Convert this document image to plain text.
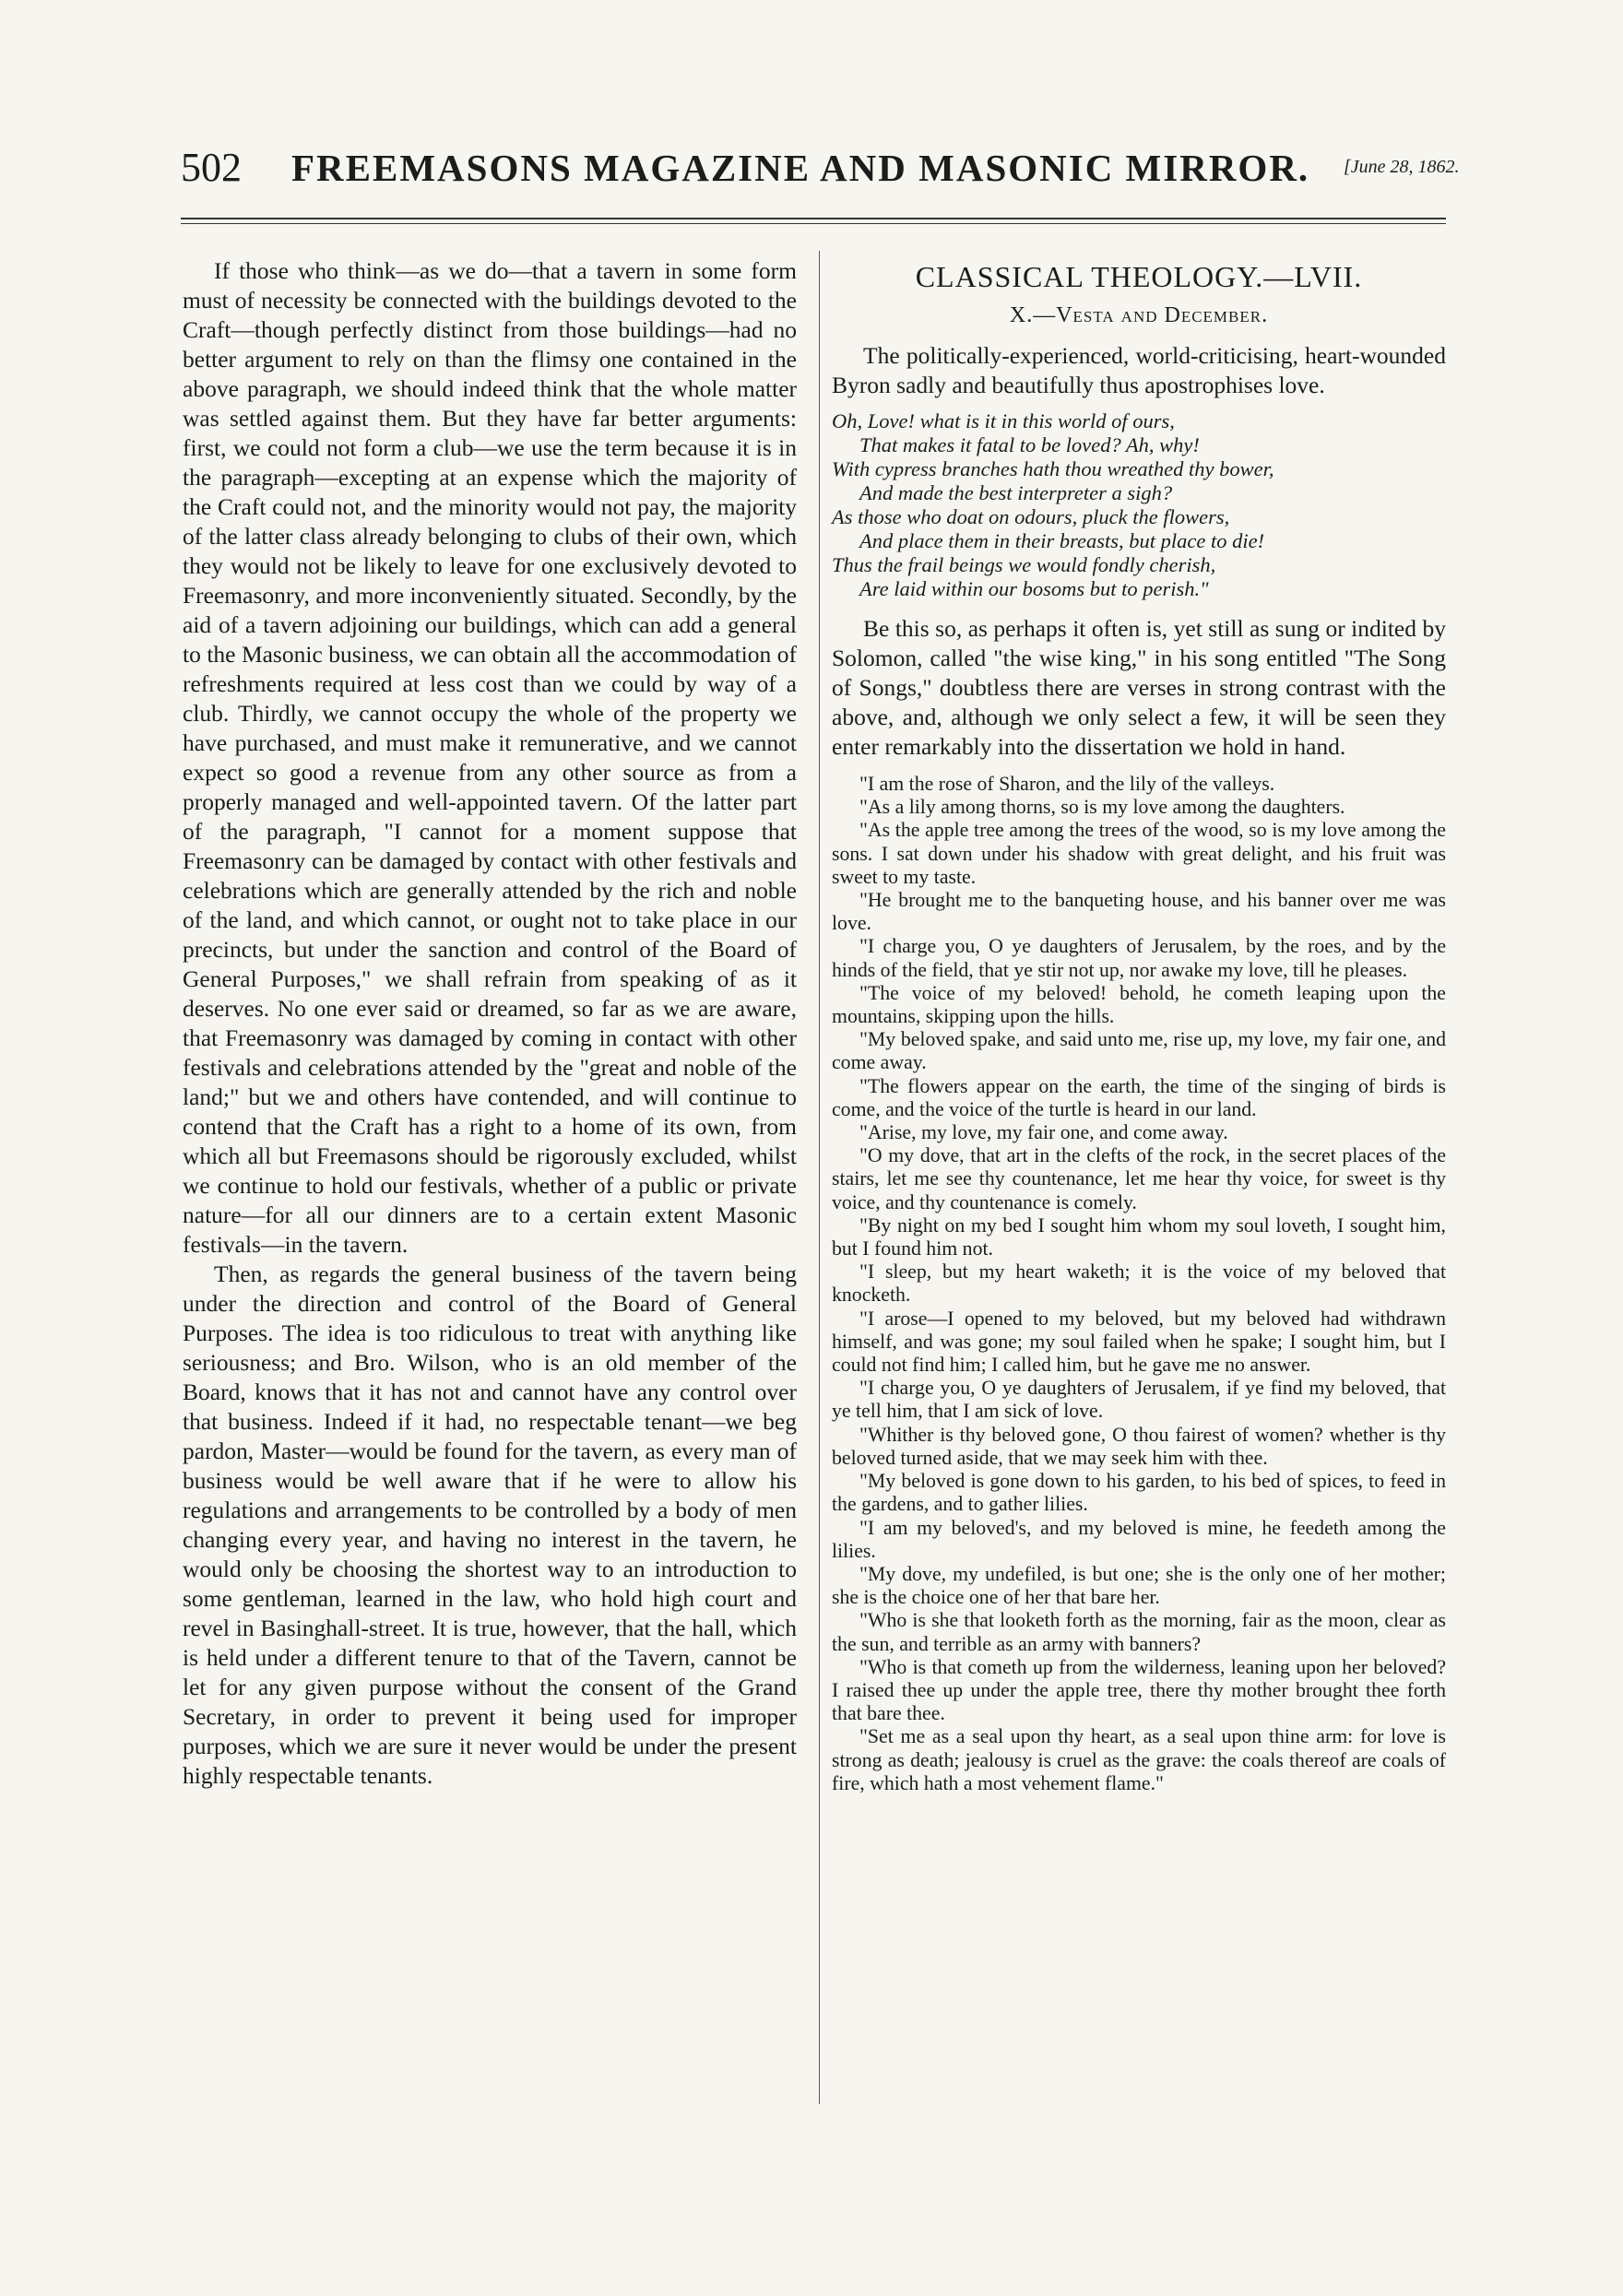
502 FREEMASONS MAGAZINE AND MASONIC MIRROR. [June 28, 1862.

If those who think—as we do—that a tavern in some form must of necessity be connected with the buildings devoted to the Craft—though perfectly distinct from those buildings—had no better argument to rely on than the flimsy one contained in the above paragraph, we should indeed think that the whole matter was settled against them. But they have far better arguments: first, we could not form a club—we use the term because it is in the paragraph—excepting at an expense which the majority of the Craft could not, and the minority would not pay, the majority of the latter class already belonging to clubs of their own, which they would not be likely to leave for one exclusively devoted to Freemasonry, and more inconveniently situated. Secondly, by the aid of a tavern adjoining our buildings, which can add a general to the Masonic business, we can obtain all the accommodation of refreshments required at less cost than we could by way of a club. Thirdly, we cannot occupy the whole of the property we have purchased, and must make it remunerative, and we cannot expect so good a revenue from any other source as from a properly managed and well-appointed tavern. Of the latter part of the paragraph, "I cannot for a moment suppose that Freemasonry can be damaged by contact with other festivals and celebrations which are generally attended by the rich and noble of the land, and which cannot, or ought not to take place in our precincts, but under the sanction and control of the Board of General Purposes," we shall refrain from speaking of as it deserves. No one ever said or dreamed, so far as we are aware, that Freemasonry was damaged by coming in contact with other festivals and celebrations attended by the "great and noble of the land;" but we and others have contended, and will continue to contend that the Craft has a right to a home of its own, from which all but Freemasons should be rigorously excluded, whilst we continue to hold our festivals, whether of a public or private nature—for all our dinners are to a certain extent Masonic festivals—in the tavern.

Then, as regards the general business of the tavern being under the direction and control of the Board of General Purposes. The idea is too ridiculous to treat with anything like seriousness; and Bro. Wilson, who is an old member of the Board, knows that it has not and cannot have any control over that business. Indeed if it had, no respectable tenant—we beg pardon, Master—would be found for the tavern, as every man of business would be well aware that if he were to allow his regulations and arrangements to be controlled by a body of men changing every year, and having no interest in the tavern, he would only be choosing the shortest way to an introduction to some gentleman, learned in the law, who hold high court and revel in Basinghall-street. It is true, however, that the hall, which is held under a different tenure to that of the Tavern, cannot be let for any given purpose without the consent of the Grand Secretary, in order to prevent it being used for improper purposes, which we are sure it never would be under the present highly respectable tenants.

CLASSICAL THEOLOGY.—LVII.
X.—Vesta and December.

The politically-experienced, world-criticising, heart-wounded Byron sadly and beautifully thus apostrophises love.

Oh, Love! what is it in this world of ours,
That makes it fatal to be loved? Ah, why!
With cypress branches hath thou wreathed thy bower,
And made the best interpreter a sigh?
As those who doat on odours, pluck the flowers,
And place them in their breasts, but place to die!
Thus the frail beings we would fondly cherish,
Are laid within our bosoms but to perish."

Be this so, as perhaps it often is, yet still as sung or indited by Solomon, called "the wise king," in his song entitled "The Song of Songs," doubtless there are verses in strong contrast with the above, and, although we only select a few, it will be seen they enter remarkably into the dissertation we hold in hand.

"I am the rose of Sharon, and the lily of the valleys.

"As a lily among thorns, so is my love among the daughters.

"As the apple tree among the trees of the wood, so is my love among the sons. I sat down under his shadow with great delight, and his fruit was sweet to my taste.

"He brought me to the banqueting house, and his banner over me was love.

"I charge you, O ye daughters of Jerusalem, by the roes, and by the hinds of the field, that ye stir not up, nor awake my love, till he pleases.

"The voice of my beloved! behold, he cometh leaping upon the mountains, skipping upon the hills.

"My beloved spake, and said unto me, rise up, my love, my fair one, and come away.

"The flowers appear on the earth, the time of the singing of birds is come, and the voice of the turtle is heard in our land.

"Arise, my love, my fair one, and come away.

"O my dove, that art in the clefts of the rock, in the secret places of the stairs, let me see thy countenance, let me hear thy voice, for sweet is thy voice, and thy countenance is comely.

"By night on my bed I sought him whom my soul loveth, I sought him, but I found him not.

"I sleep, but my heart waketh; it is the voice of my beloved that knocketh.

"I arose—I opened to my beloved, but my beloved had withdrawn himself, and was gone; my soul failed when he spake; I sought him, but I could not find him; I called him, but he gave me no answer.

"I charge you, O ye daughters of Jerusalem, if ye find my beloved, that ye tell him, that I am sick of love.

"Whither is thy beloved gone, O thou fairest of women? whether is thy beloved turned aside, that we may seek him with thee.

"My beloved is gone down to his garden, to his bed of spices, to feed in the gardens, and to gather lilies.

"I am my beloved's, and my beloved is mine, he feedeth among the lilies.

"My dove, my undefiled, is but one; she is the only one of her mother; she is the choice one of her that bare her.

"Who is she that looketh forth as the morning, fair as the moon, clear as the sun, and terrible as an army with banners?

"Who is that cometh up from the wilderness, leaning upon her beloved? I raised thee up under the apple tree, there thy mother brought thee forth that bare thee.

"Set me as a seal upon thy heart, as a seal upon thine arm: for love is strong as death; jealousy is cruel as the grave: the coals thereof are coals of fire, which hath a most vehement flame."
